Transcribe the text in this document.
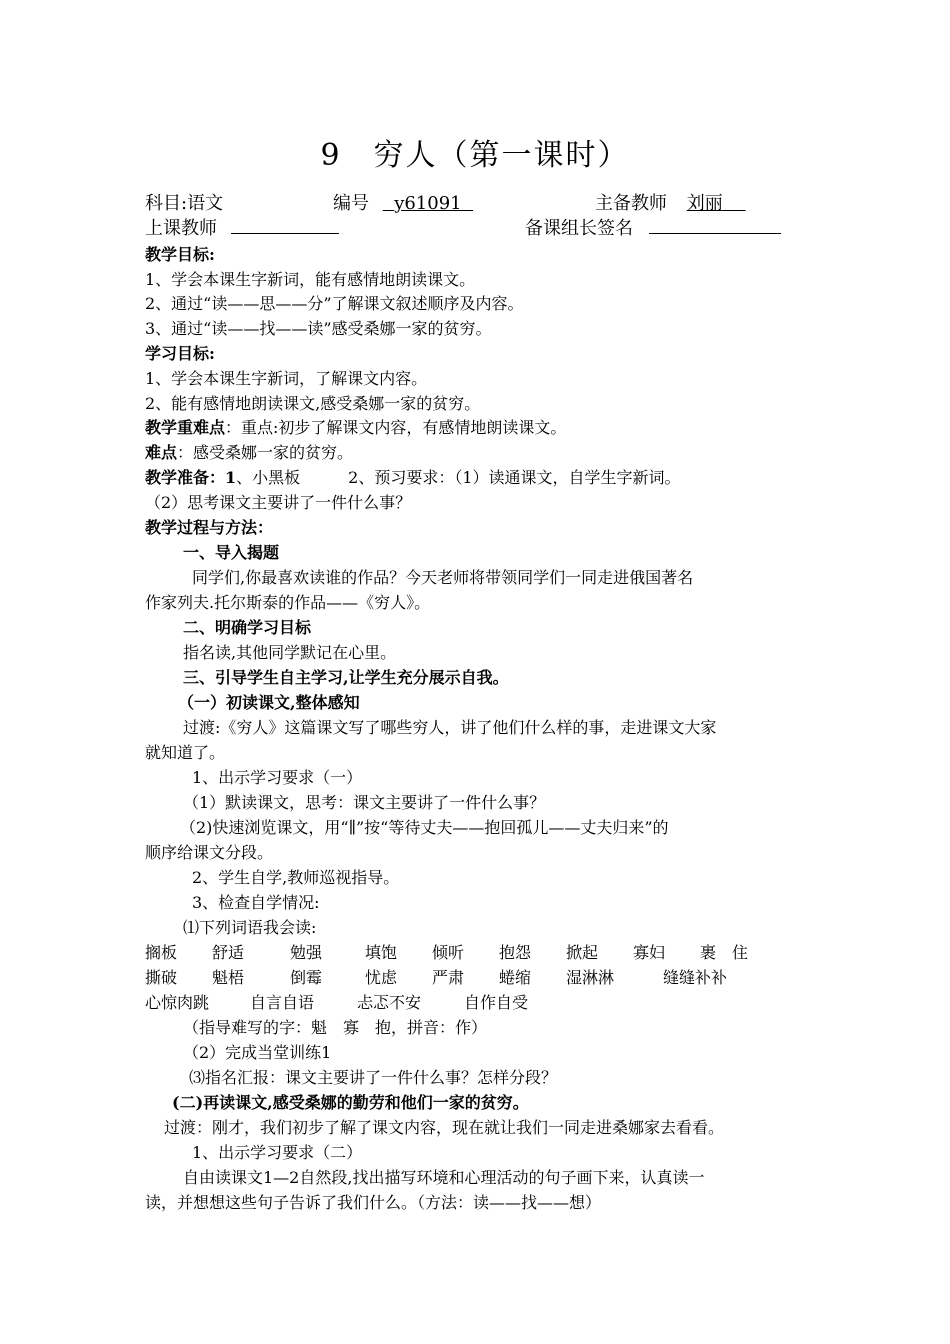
9　穷人（第一课时）
科目:语文	编号 y61091	主备教师 刘丽
上课教师	备课组长签名
教学目标:
1、学会本课生字新词，能有感情地朗读课文。
2、通过“读——思——分”了解课文叙述顺序及内容。
3、通过“读——找——读”感受桑娜一家的贫穷。
学习目标:
1、学会本课生字新词，了解课文内容。
2、能有感情地朗读课文,感受桑娜一家的贫穷。
教学重难点：重点:初步了解课文内容，有感情地朗读课文。
难点：感受桑娜一家的贫穷。
教学准备：1、小黑板　　　2、预习要求：（1）读通课文，自学生字新词。
（2）思考课文主要讲了一件什么事？
教学过程与方法：
一、导入揭题
同学们,你最喜欢读谁的作品？今天老师将带领同学们一同走进俄国著名
作家列夫.托尔斯泰的作品——《穷人》。
二、明确学习目标
指名读,其他同学默记在心里。
三、引导学生自主学习,让学生充分展示自我。
（一）初读课文,整体感知
过渡:《穷人》这篇课文写了哪些穷人，讲了他们什么样的事，走进课文大家
就知道了。
1、出示学习要求（一）
（1）默读课文，思考：课文主要讲了一件什么事？
（2)快速浏览课文，用“∥”按“等待丈夫——抱回孤儿——丈夫归来”的
顺序给课文分段。
2、学生自学,教师巡视指导。
3、检查自学情况:
⑴下列词语我会读:
搁板 舒适	勉强	填饱 倾听 抱怨 掀起 寡妇 裹　住
撕破 魁梧	倒霉	忧虑 严肃 蜷缩 湿淋淋	缝缝补补
心惊肉跳	自言自语	忐忑不安	自作自受
（指导难写的字：魁　寡　抱，拼音：作）
（2）完成当堂训练1
⑶指名汇报：课文主要讲了一件什么事？怎样分段？
(二)再读课文,感受桑娜的勤劳和他们一家的贫穷。
过渡：刚才，我们初步了解了课文内容，现在就让我们一同走进桑娜家去看看。
1、出示学习要求（二）
自由读课文1—2自然段,找出描写环境和心理活动的句子画下来，认真读一
读，并想想这些句子告诉了我们什么。（方法：读——找——想）
